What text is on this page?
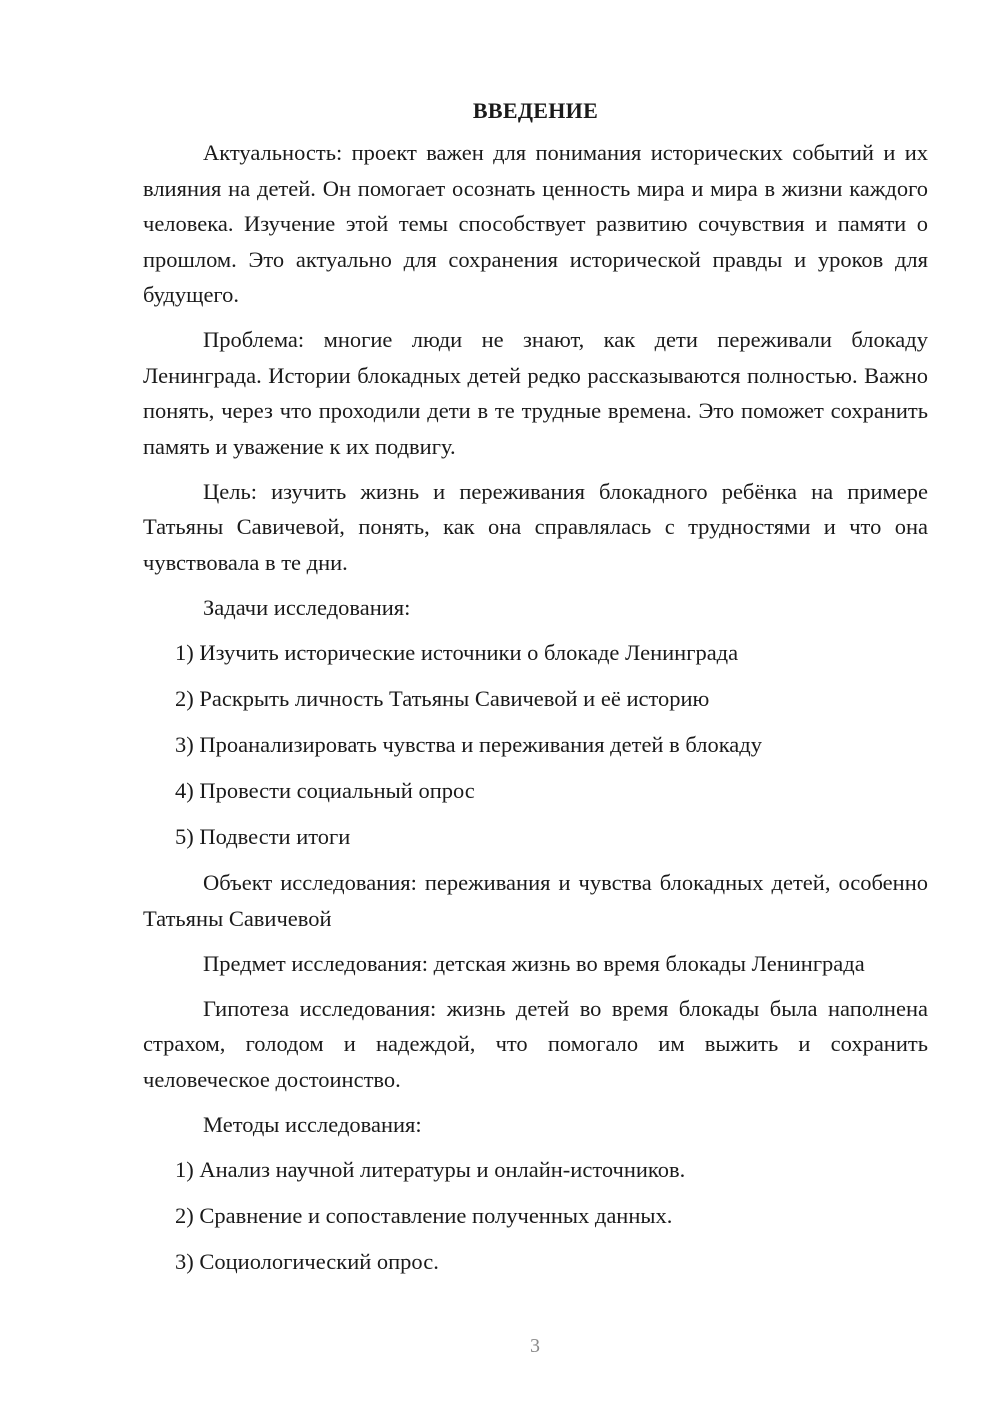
ВВЕДЕНИЕ

Актуальность: проект важен для понимания исторических событий и их влияния на детей. Он помогает осознать ценность мира и мира в жизни каждого человека. Изучение этой темы способствует развитию сочувствия и памяти о прошлом. Это актуально для сохранения исторической правды и уроков для будущего.

Проблема: многие люди не знают, как дети переживали блокаду Ленинграда. Истории блокадных детей редко рассказываются полностью. Важно понять, через что проходили дети в те трудные времена. Это поможет сохранить память и уважение к их подвигу.

Цель: изучить жизнь и переживания блокадного ребёнка на примере Татьяны Савичевой, понять, как она справлялась с трудностями и что она чувствовала в те дни.

Задачи исследования:

1) Изучить исторические источники о блокаде Ленинграда
2) Раскрыть личность Татьяны Савичевой и её историю
3) Проанализировать чувства и переживания детей в блокаду
4) Провести социальный опрос
5) Подвести итоги

Объект исследования: переживания и чувства блокадных детей, особенно Татьяны Савичевой

Предмет исследования: детская жизнь во время блокады Ленинграда

Гипотеза исследования: жизнь детей во время блокады была наполнена страхом, голодом и надеждой, что помогало им выжить и сохранить человеческое достоинство.

Методы исследования:

1) Анализ научной литературы и онлайн-источников.
2) Сравнение и сопоставление полученных данных.
3) Социологический опрос.
3
